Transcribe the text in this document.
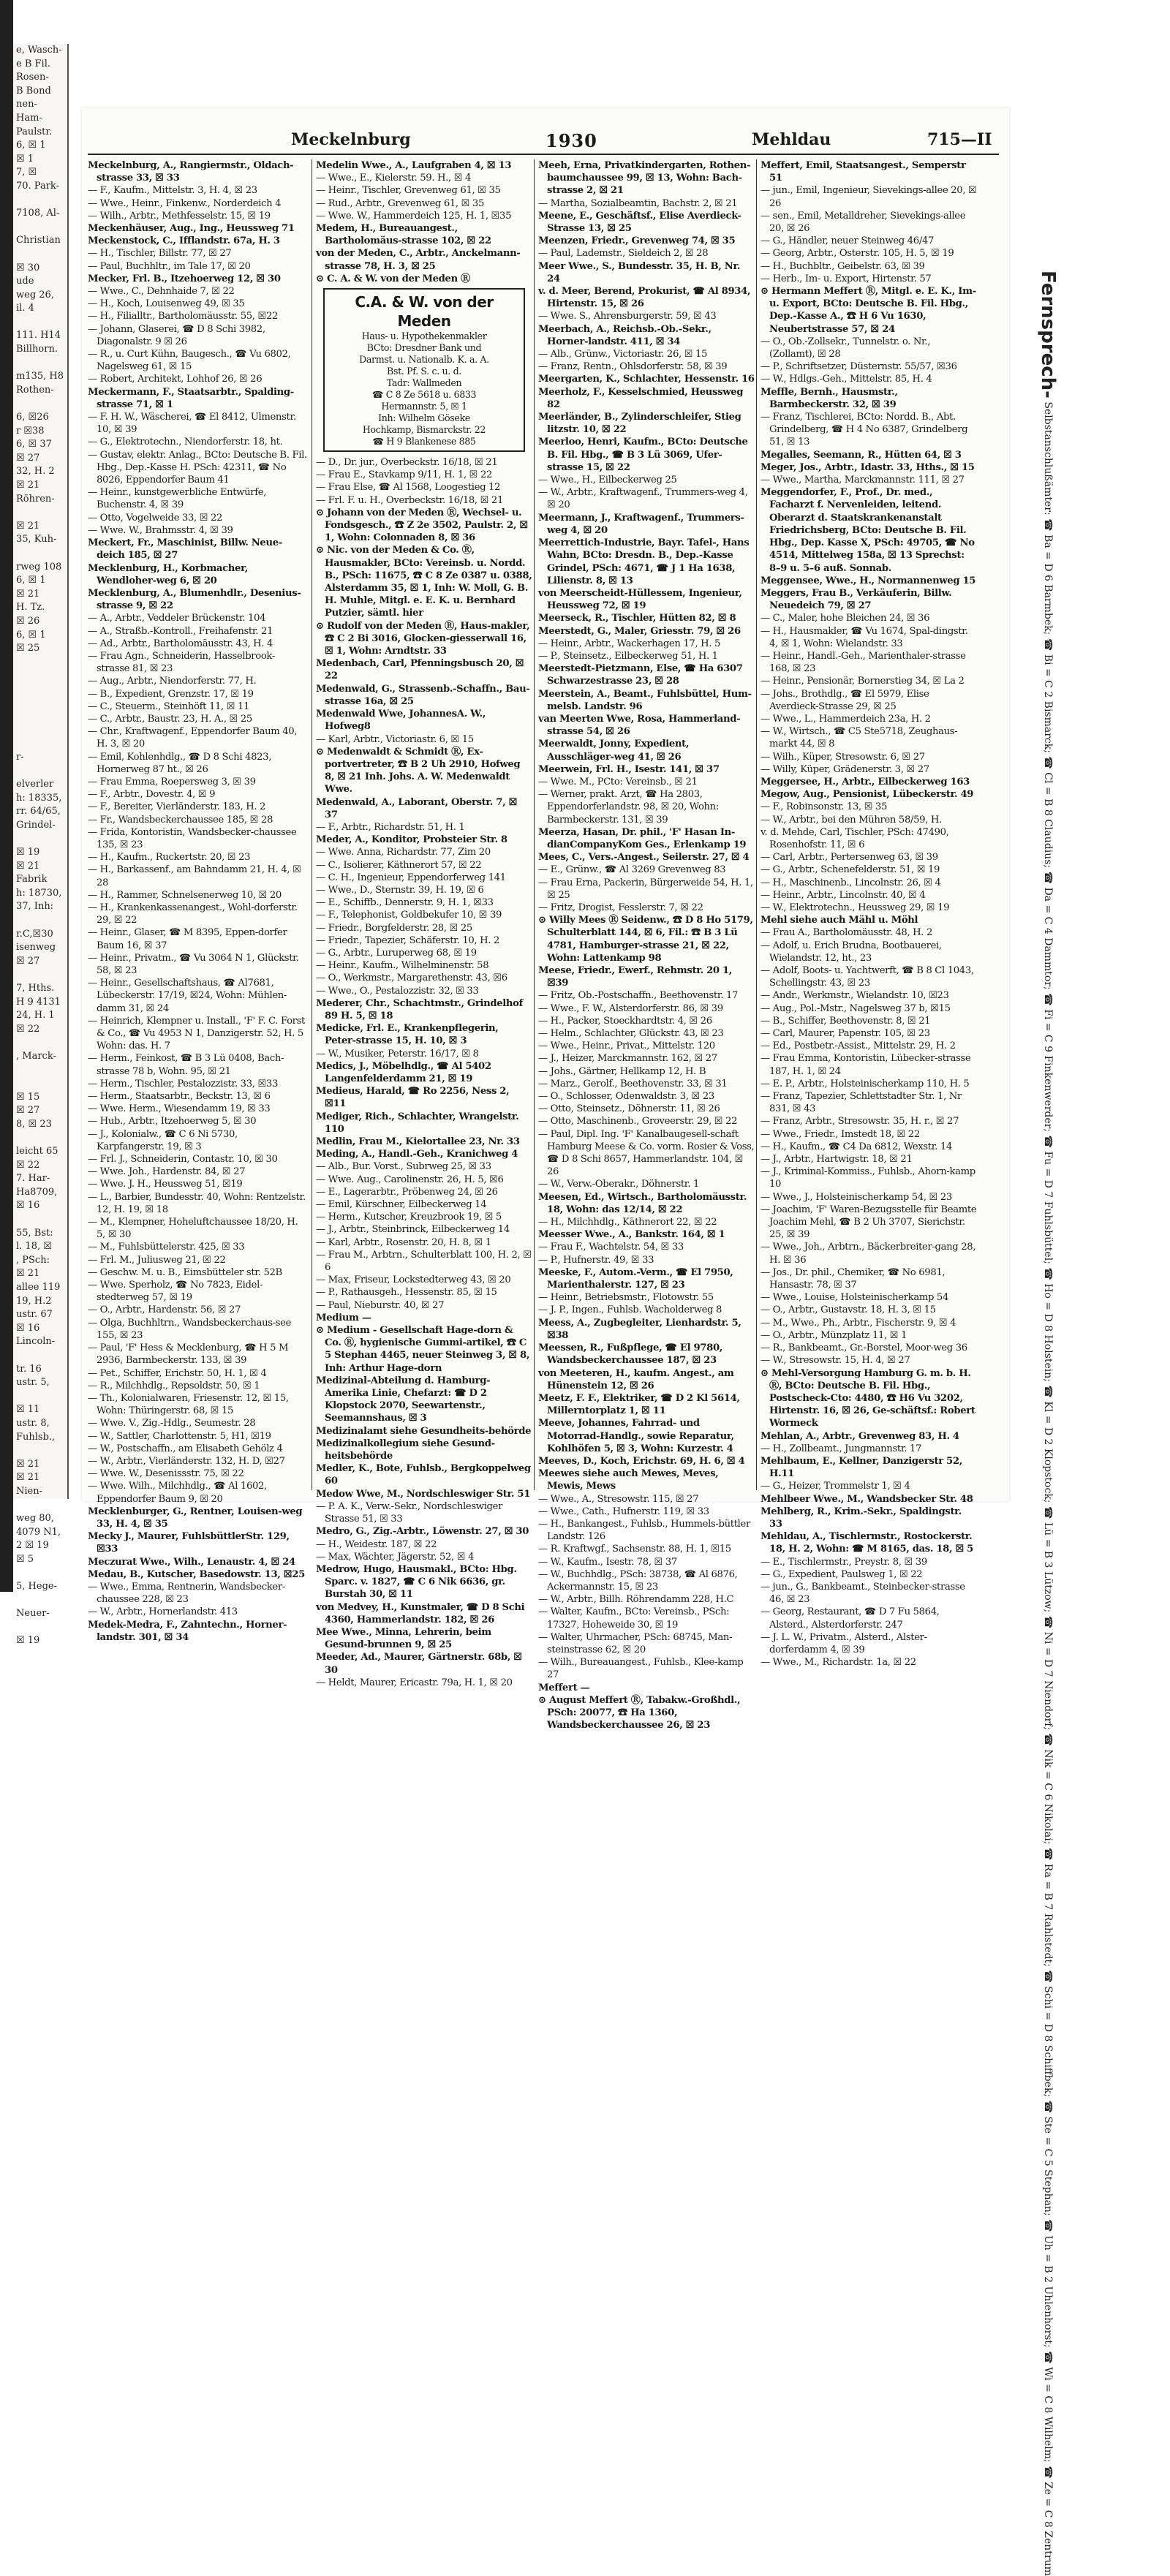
e, Wasch-
e B Fil.
Rosen-
B Bond
nen-
Ham-
Paulstr.
6, ☒ 1
☒ 1
7, ☒
70. Park-

7108, Al-

Christian

☒ 30
ude
weg 26,
il. 4

111. H14
Billhorn.

m135, H8
Rothen-

6, ☒26
r ☒38
6, ☒ 37
☒ 27
32, H. 2
☒ 21
Röhren-

☒ 21
35, Kuh-

rweg 108
6, ☒ 1
☒ 21
H. Tz.
☒ 26
6, ☒ 1
☒ 25

r-

elverler
h: 18335,
rr. 64/65,
Grindel-

☒ 19
☒ 21
Fabrik
h: 18730,
37, Inh:

r.C,☒30
isenweg
☒ 27

7, Hths.
H 9 4131
24, H. 1
☒ 22

, Marck-

☒ 15
☒ 27
8, ☒ 23

leicht 65
☒ 22
7. Har-
Ha8709,
☒ 16

55, Bst:
l. 18, ☒
, PSch:
☒ 21
allee 119
19, H.2
ustr. 67
☒ 16
Lincoln-

tr. 16
ustr. 5,

☒ 11
ustr. 8,
Fuhlsb.,

☒ 21
☒ 21
Nien-

weg 80,
4079 N1,
2 ☒ 19
☒ 5

5, Hege-

Neuer-

☒ 19
Meckelnburg	1930	Mehldau	715—II
Meckelnburg, A., Rangiermstr., Oldach-strasse 33, ☒ 33
— F., Kaufm., Mittelstr. 3, H. 4, ☒ 23
— Wwe., Heinr., Finkenw., Norderdeich 4
— Wilh., Arbtr., Methfesselstr. 15, ☒ 19
Meckenhäuser, Aug., Ing., Heussweg 71
Meckenstock, C., Ifflandstr. 67a, H. 3
— H., Tischler, Billstr. 77, ☒ 27
— Paul, Buchhltr., im Tale 17, ☒ 20
Mecker, Frl. B., Itzehoerweg 12, ☒ 30
— Wwe., C., Dehnhaide 7, ☒ 22
— H., Koch, Louisenweg 49, ☒ 35
— H., Filialltr., Bartholomäusstr. 55, ☒22
— Johann, Glaserei, ☎ D 8 Schi 3982, Diagonalstr. 9 ☒ 26
— R., u. Curt Kühn, Baugesch., ☎ Vu 6802, Nagelsweg 61, ☒ 15
— Robert, Architekt, Lohhof 26, ☒ 26
Meckermann, F., Staatsarbtr., Spalding-strasse 71, ☒ 1
— F. H. W., Wäscherei, ☎ El 8412, Ulmenstr. 10, ☒ 39
— G., Elektrotechn., Niendorferstr. 18, ht.
— Gustav, elektr. Anlag., BCto: Deutsche B. Fil. Hbg., Dep.-Kasse H. PSch: 42311, ☎ No 8026, Eppendorfer Baum 41
— Heinr., kunstgewerbliche Entwürfe, Buchenstr. 4, ☒ 39
— Otto, Vogelweide 33, ☒ 22
— Wwe. W., Brahmsstr. 4, ☒ 39
Meckert, Fr., Maschinist, Billw. Neue-deich 185, ☒ 27
Mecklenburg, H., Korbmacher, Wendloher-weg 6, ☒ 20
Mecklenburg, A., Blumenhdlr., Desenius-strasse 9, ☒ 22
— A., Arbtr., Veddeler Brückenstr. 104
— A., Straßb.-Kontroll., Freihafenstr. 21
— Ad., Arbtr., Bartholomäusstr. 43, H. 4
— Frau Agn., Schneiderin, Hasselbrook-strasse 81, ☒ 23
— Aug., Arbtr., Niendorferstr. 77, H.
— B., Expedient, Grenzstr. 17, ☒ 19
— C., Steuerm., Steinhöft 11, ☒ 11
— C., Arbtr., Baustr. 23, H. A., ☒ 25
— Chr., Kraftwagenf., Eppendorfer Baum 40, H. 3, ☒ 20
— Emil, Kohlenhdlg., ☎ D 8 Schi 4823, Hornerweg 87 ht., ☒ 26
— Frau Emma, Roepersweg 3, ☒ 39
— F., Arbtr., Dovestr. 4, ☒ 9
— F., Bereiter, Vierländerstr. 183, H. 2
— Fr., Wandsbeckerchaussee 185, ☒ 28
— Frida, Kontoristin, Wandsbecker-chaussee 135, ☒ 23
— H., Kaufm., Ruckertstr. 20, ☒ 23
— H., Barkassenf., am Bahndamm 21, H. 4, ☒ 28
— H., Rammer, Schnelsenerweg 10, ☒ 20
— H., Krankenkassenangest., Wohl-dorferstr. 29, ☒ 22
— Heinr., Glaser, ☎ M 8395, Eppen-dorfer Baum 16, ☒ 37
— Heinr., Privatm., ☎ Vu 3064 N 1, Glückstr. 58, ☒ 23
— Heinr., Gesellschaftshaus, ☎ Al7681, Lübeckerstr. 17/19, ☒24, Wohn: Mühlen-damm 31, ☒ 24
— Heinrich, Klempner u. Install., 'F' F. C. Forst & Co., ☎ Vu 4953 N 1, Danzigerstr. 52, H. 5 Wohn: das. H. 7
— Herm., Feinkost, ☎ B 3 Lü 0408, Bach-strasse 78 b, Wohn. 95, ☒ 21
— Herm., Tischler, Pestalozzistr. 33, ☒33
— Herm., Staatsarbtr., Beckstr. 13, ☒ 6
— Wwe. Herm., Wiesendamm 19, ☒ 33
— Hub., Arbtr., Itzehoerweg 5, ☒ 30
— J., Kolonialw., ☎ C 6 Ni 5730, Karpfangerstr. 19, ☒ 3
— Frl. J., Schneiderin, Contastr. 10, ☒ 30
— Wwe. Joh., Hardenstr. 84, ☒ 27
— Wwe. J. H., Heussweg 51, ☒19
— L., Barbier, Bundesstr. 40, Wohn: Rentzelstr. 12, H. 19, ☒ 18
— M., Klempner, Hoheluftchaussee 18/20, H. 5, ☒ 30
— M., Fuhlsbüttelerstr. 425, ☒ 33
— Frl. M., Juliusweg 21, ☒ 22
— Geschw. M. u. B., Eimsbütteler str. 52B
— Wwe. Sperholz, ☎ No 7823, Eidel-stedterweg 57, ☒ 19
— O., Arbtr., Hardenstr. 56, ☒ 27
— Olga, Buchhltrn., Wandsbeckerchaus-see 155, ☒ 23
— Paul, 'F' Hess & Mecklenburg, ☎ H 5 M 2936, Barmbeckerstr. 133, ☒ 39
— Pet., Schiffer, Erichstr. 50, H. 1, ☒ 4
— R., Milchhdlg., Repsoldstr. 50, ☒ 1
— Th., Kolonialwaren, Friesenstr. 12, ☒ 15, Wohn: Thüringerstr. 68, ☒ 15
— Wwe. V., Zig.-Hdlg., Seumestr. 28
— W., Sattler, Charlottenstr. 5, H1, ☒19
— W., Postschaffn., am Elisabeth Gehölz 4
— W., Arbtr., Vierländerstr. 132, H. D, ☒27
— Wwe. W., Desenissstr. 75, ☒ 22
— Wwe. Wilh., Milchhdlg., ☎ Al 1602, Eppendorfer Baum 9, ☒ 20
Mecklenburger, G., Rentner, Louisen-weg 33, H. 4, ☒ 35
Mecky J., Maurer, FuhlsbüttlerStr. 129, ☒33
Meczurat Wwe., Wilh., Lenaustr. 4, ☒ 24
Medau, B., Kutscher, Basedowstr. 13, ☒25
— Wwe., Emma, Rentnerin, Wandsbecker-chaussee 228, ☒ 23
— W., Arbtr., Hornerlandstr. 413
Medek-Medra, F., Zahntechn., Horner-landstr. 301, ☒ 34
Medelin Wwe., A., Laufgraben 4, ☒ 13
— Wwe., E., Kielerstr. 59. H., ☒ 4
— Heinr., Tischler, Grevenweg 61, ☒ 35
— Rud., Arbtr., Grevenweg 61, ☒ 35
— Wwe. W., Hammerdeich 125, H. 1, ☒35
Medem, H., Bureauangest., Bartholomäus-strasse 102, ☒ 22
von der Meden, C., Arbtr., Anckelmann-strasse 78, H. 3, ☒ 25
⊙ C. A. & W. von der Meden Ⓡ
C.A. & W. von der Meden
Haus- u. Hypothekenmakler
BCto: Dresdner Bank und
Darmst. u. Nationalb. K. a. A.
Bst. Pf. S. c. u. d.
Tadr: Wallmeden
☎ C 8 Ze 5618 u. 6833
Hermannstr. 5, ☒ 1
Inh: Wilhelm Göseke
Hochkamp, Bismarckstr. 22
☎ H 9 Blankenese 885
— D., Dr. jur., Overbeckstr. 16/18, ☒ 21
— Frau E., Stavkamp 9/11, H. 1, ☒ 22
— Frau Else, ☎ Al 1568, Loogestieg 12
— Frl. F. u. H., Overbeckstr. 16/18, ☒ 21
⊙ Johann von der Meden Ⓡ, Wechsel- u. Fondsgesch., ☎ Z 2e 3502, Paulstr. 2, ☒ 1, Wohn: Colonnaden 8, ☒ 36
⊙ Nic. von der Meden & Co. Ⓡ, Hausmakler, BCto: Vereinsb. u. Nordd. B., PSch: 11675, ☎ C 8 Ze 0387 u. 0388, Alsterdamm 35, ☒ 1, Inh: W. Moll, G. B. H. Muhle, Mitgl. e. E. K. u. Bernhard Putzier, sämtl. hier
⊙ Rudolf von der Meden Ⓡ, Haus-makler, ☎ C 2 Bi 3016, Glocken-giesserwall 16, ☒ 1, Wohn: Arndtstr. 33
Medenbach, Carl, Pfenningsbusch 20, ☒ 22
Medenwald, G., Strassenb.-Schaffn., Bau-strasse 16a, ☒ 25
Medenwald Wwe, JohannesA. W., Hofweg8
— Karl, Arbtr., Victoriastr. 6, ☒ 15
⊙ Medenwaldt & Schmidt Ⓡ, Ex-portvertreter, ☎ B 2 Uh 2910, Hofweg 8, ☒ 21 Inh. Johs. A. W. Medenwaldt Wwe.
Medenwald, A., Laborant, Oberstr. 7, ☒ 37
— F., Arbtr., Richardstr. 51, H. 1
Meder, A., Konditor, Probsteier Str. 8
— Wwe. Anna, Richardstr. 77, Zim 20
— C., Isolierer, Käthnerort 57, ☒ 22
— C. H., Ingenieur, Eppendorferweg 141
— Wwe., D., Sternstr. 39, H. 19, ☒ 6
— E., Schiffb., Dennerstr. 9, H. 1, ☒33
— F., Telephonist, Goldbekufer 10, ☒ 39
— Friedr., Borgfelderstr. 28, ☒ 25
— Friedr., Tapezier, Schäferstr. 10, H. 2
— G., Arbtr., Luruperweg 68, ☒ 19
— Heinr., Kaufm., Wilhelminenstr. 58
— O., Werkmstr., Margarethenstr. 43, ☒6
— Wwe., O., Pestalozzistr. 32, ☒ 33
Mederer, Chr., Schachtmstr., Grindelhof 89 H. 5, ☒ 18
Medicke, Frl. E., Krankenpflegerin, Peter-strasse 15, H. 10, ☒ 3
— W., Musiker, Peterstr. 16/17, ☒ 8
Medics, J., Möbelhdlg., ☎ Al 5402 Langenfelderdamm 21, ☒ 19
Medieus, Harald, ☎ Ro 2256, Ness 2, ☒11
Mediger, Rich., Schlachter, Wrangelstr. 110
Medlin, Frau M., Kielortallee 23, Nr. 33
Meding, A., Handl.-Geh., Kranichweg 4
— Alb., Bur. Vorst., Subrweg 25, ☒ 33
— Wwe. Aug., Carolinenstr. 26, H. 5, ☒6
— E., Lagerarbtr., Pröbenweg 24, ☒ 26
— Emil, Kürschner, Eilbeckerweg 14
— Herm., Kutscher, Kreuzbrook 19, ☒ 5
— J., Arbtr., Steinbrinck, Eilbeckerweg 14
— Karl, Arbtr., Rosenstr. 20, H. 8, ☒ 1
— Frau M., Arbtrn., Schulterblatt 100, H. 2, ☒ 6
— Max, Friseur, Lockstedterweg 43, ☒ 20
— P., Rathausgeh., Hessenstr. 85, ☒ 15
— Paul, Nieburstr. 40, ☒ 27
Medium —
⊙ Medium - Gesellschaft Hage-dorn & Co. Ⓡ, hygienische Gummi-artikel, ☎ C 5 Stephan 4465, neuer Steinweg 3, ☒ 8, Inh: Arthur Hage-dorn
Medizinal-Abteilung d. Hamburg-Amerika Linie, Chefarzt: ☎ D 2 Klopstock 2070, Seewartenstr., Seemannshaus, ☒ 3
Medizinalamt siehe Gesundheits-behörde
Medizinalkollegium siehe Gesund-heitsbehörde
Medler, K., Bote, Fuhlsb., Bergkoppelweg 60
Medow Wwe, M., Nordschleswiger Str. 51
— P. A. K., Verw.-Sekr., Nordschleswiger Strasse 51, ☒ 33
Medro, G., Zig.-Arbtr., Löwenstr. 27, ☒ 30
— H., Weidestr. 187, ☒ 22
— Max, Wächter, Jägerstr. 52, ☒ 4
Medrow, Hugo, Hausmakl., BCto: Hbg. Sparc. v. 1827, ☎ C 6 Nik 6636, gr. Burstah 30, ☒ 11
von Medvey, H., Kunstmaler, ☎ D 8 Schi 4360, Hammerlandstr. 182, ☒ 26
Mee Wwe., Minna, Lehrerin, beim Gesund-brunnen 9, ☒ 25
Meeder, Ad., Maurer, Gärtnerstr. 68b, ☒ 30
— Heldt, Maurer, Ericastr. 79a, H. 1, ☒ 20
Meeh, Erna, Privatkindergarten, Rothen-baumchaussee 99, ☒ 13, Wohn: Bach-strasse 2, ☒ 21
— Martha, Sozialbeamtin, Bachstr. 2, ☒ 21
Meene, E., Geschäftsf., Elise Averdieck-Strasse 13, ☒ 25
Meenzen, Friedr., Grevenweg 74, ☒ 35
— Paul, Lademstr., Sieldeich 2, ☒ 28
Meer Wwe., S., Bundesstr. 35, H. B, Nr. 24
v. d. Meer, Berend, Prokurist, ☎ Al 8934, Hirtenstr. 15, ☒ 26
— Wwe. S., Ahrensburgerstr. 59, ☒ 43
Meerbach, A., Reichsb.-Ob.-Sekr., Horner-landstr. 411, ☒ 34
— Alb., Grünw., Victoriastr. 26, ☒ 15
— Franz, Rentn., Ohlsdorferstr. 58, ☒ 39
Meergarten, K., Schlachter, Hessenstr. 16
Meerholz, F., Kesselschmied, Heussweg 82
Meerländer, B., Zylinderschleifer, Stieg litzstr. 10, ☒ 22
Meerloo, Henri, Kaufm., BCto: Deutsche B. Fil. Hbg., ☎ B 3 Lü 3069, Ufer-strasse 15, ☒ 22
— Wwe., H., Eilbeckerweg 25
— W., Arbtr., Kraftwagenf., Trummers-weg 4, ☒ 20
Meermann, J., Kraftwagenf., Trummers-weg 4, ☒ 20
Meerrettich-Industrie, Bayr. Tafel-, Hans Wahn, BCto: Dresdn. B., Dep.-Kasse Grindel, PSch: 4671, ☎ J 1 Ha 1638, Lilienstr. 8, ☒ 13
von Meerscheidt-Hüllessem, Ingenieur, Heussweg 72, ☒ 19
Meerseck, R., Tischler, Hütten 82, ☒ 8
Meerstedt, G., Maler, Griesstr. 79, ☒ 26
— Heinr., Arbtr., Wackerhagen 17, H. 5
— P., Steinsetz., Eilbeckerweg 51, H. 1
Meerstedt-Pietzmann, Else, ☎ Ha 6307 Schwarzestrasse 23, ☒ 28
Meerstein, A., Beamt., Fuhlsbüttel, Hum-melsb. Landstr. 96
van Meerten Wwe, Rosa, Hammerland-strasse 54, ☒ 26
Meerwaldt, Jonny, Expedient, Ausschläger-weg 41, ☒ 26
Meerwein, Frl. H., Isestr. 141, ☒ 37
— Wwe. M., PCto: Vereinsb., ☒ 21
— Werner, prakt. Arzt, ☎ Ha 2803, Eppendorferlandstr. 98, ☒ 20, Wohn: Barmbeckerstr. 131, ☒ 39
Meerza, Hasan, Dr. phil., 'F' Hasan In-dianCompanyKom Ges., Erlenkamp 19
Mees, C., Vers.-Angest., Seilerstr. 27, ☒ 4
— E., Grünw., ☎ Al 3269 Grevenweg 83
— Frau Erna, Packerin, Bürgerweide 54, H. 1, ☒ 25
— Fritz, Drogist, Fesslerstr. 7, ☒ 22
⊙ Willy Mees Ⓡ Seidenw., ☎ D 8 Ho 5179, Schulterblatt 144, ☒ 6, Fil.: ☎ B 3 Lü 4781, Hamburger-strasse 21, ☒ 22, Wohn: Lattenkamp 98
Meese, Friedr., Ewerf., Rehmstr. 20 1, ☒39
— Fritz, Ob.-Postschaffn., Beethovenstr. 17
— Wwe., F. W., Alsterdorferstr. 86, ☒ 39
— H., Packer, Stoeckhardtstr. 4, ☒ 26
— Helm., Schlachter, Glückstr. 43, ☒ 23
— Wwe., Heinr., Privat., Mittelstr. 120
— J., Heizer, Marckmannstr. 162, ☒ 27
— Johs., Gärtner, Hellkamp 12, H. B
— Marz., Gerolf., Beethovenstr. 33, ☒ 31
— O., Schlosser, Odenwaldstr. 3, ☒ 23
— Otto, Steinsetz., Döhnerstr. 11, ☒ 26
— Otto, Maschinenb., Groveerstr. 29, ☒ 22
— Paul, Dipl. Ing. 'F' Kanalbaugesell-schaft Hamburg Meese & Co. vorm. Rosier & Voss, ☎ D 8 Schi 8657, Hammerlandstr. 104, ☒ 26
— W., Verw.-Oberakr., Döhnerstr. 1
Meesen, Ed., Wirtsch., Bartholomäusstr. 18, Wohn: das 12/14, ☒ 22
— H., Milchhdlg., Käthnerort 22, ☒ 22
Meesser Wwe., A., Bankstr. 164, ☒ 1
— Frau F., Wachtelstr. 54, ☒ 33
— P., Hufnerstr. 49, ☒ 33
Meeske, F., Autom.-Verm., ☎ El 7950, Marienthalerstr. 127, ☒ 23
— Heinr., Betriebsmstr., Flotowstr. 55
— J. P., Ingen., Fuhlsb. Wacholderweg 8
Meess, A., Zugbegleiter, Lienhardstr. 5, ☒38
Meessen, R., Fußpflege, ☎ El 9780, Wandsbeckerchaussee 187, ☒ 23
von Meeteren, H., kaufm. Angest., am Hünenstein 12, ☒ 26
Meetz, F. F., Elektriker, ☎ D 2 Kl 5614, Millerntorplatz 1, ☒ 11
Meeve, Johannes, Fahrrad- und Motorrad-Handlg., sowie Reparatur, Kohlhöfen 5, ☒ 3, Wohn: Kurzestr. 4
Meeves, D., Koch, Erichstr. 69, H. 6, ☒ 4
Meewes siehe auch Mewes, Meves, Mewis, Mews
— Wwe., A., Stresowstr. 115, ☒ 27
— Wwe., Cath., Hufnerstr. 119, ☒ 33
— H., Bankangest., Fuhlsb., Hummels-büttler Landstr. 126
— R. Kraftwgf., Sachsenstr. 88, H. 1, ☒15
— W., Kaufm., Isestr. 78, ☒ 37
— W., Buchhdlg., PSch: 38738, ☎ Al 6876, Ackermannstr. 15, ☒ 23
— W., Arbtr., Billh. Röhrendamm 228, H.C
— Walter, Kaufm., BCto: Vereinsb., PSch: 17327, Hoheweide 30, ☒ 19
— Walter, Uhrmacher, PSch: 68745, Man-steinstrasse 62, ☒ 20
— Wilh., Bureauangest., Fuhlsb., Klee-kamp 27
Meffert —
⊙ August Meffert Ⓡ, Tabakw.-Großhdl., PSch: 20077, ☎ Ha 1360, Wandsbeckerchaussee 26, ☒ 23
Meffert, Emil, Staatsangest., Semperstr 51
— jun., Emil, Ingenieur, Sievekings-allee 20, ☒ 26
— sen., Emil, Metalldreher, Sievekings-allee 20, ☒ 26
— G., Händler, neuer Steinweg 46/47
— Georg, Arbtr., Osterstr. 105, H. 5, ☒ 19
— H., Buchbltr., Geibelstr. 63, ☒ 39
— Herb., Im- u. Export, Hirtenstr. 57
⊙ Hermann Meffert Ⓡ, Mitgl. e. E. K., Im- u. Export, BCto: Deutsche B. Fil. Hbg., Dep.-Kasse A., ☎ H 6 Vu 1630, Neubertstrasse 57, ☒ 24
— O., Ob.-Zollsekr., Tunnelstr. o. Nr., (Zollamt), ☒ 28
— P., Schriftsetzer, Düsternstr. 55/57, ☒36
— W., Hdlgs.-Geh., Mittelstr. 85, H. 4
Meffle, Bernh., Hausmstr., Barmbeckerstr. 32, ☒ 39
— Franz, Tischlerei, BCto: Nordd. B., Abt. Grindelberg, ☎ H 4 No 6387, Grindelberg 51, ☒ 13
Megalles, Seemann, R., Hütten 64, ☒ 3
Meger, Jos., Arbtr., Idastr. 33, Hths., ☒ 15
— Wwe., Martha, Marckmannstr. 111, ☒ 27
Meggendorfer, F., Prof., Dr. med., Facharzt f. Nervenleiden, leitend. Oberarzt d. Staatskrankenanstalt Friedrichsberg, BCto: Deutsche B. Fil. Hbg., Dep. Kasse X, PSch: 49705, ☎ No 4514, Mittelweg 158a, ☒ 13 Sprechst: 8–9 u. 5–6 auß. Sonnab.
Meggensee, Wwe., H., Normannenweg 15
Meggers, Frau B., Verkäuferin, Billw. Neuedeich 79, ☒ 27
— C., Maler, hohe Bleichen 24, ☒ 36
— H., Hausmakler, ☎ Vu 1674, Spal-dingstr. 4, ☒ 1, Wohn: Wielandstr. 33
— Heinr., Handl.-Geh., Marienthaler-strasse 168, ☒ 23
— Heinr., Pensionär, Bornerstieg 34, ☒ La 2
— Johs., Brothdlg., ☎ El 5979, Elise Averdieck-Strasse 29, ☒ 25
— Wwe., L., Hammerdeich 23a, H. 2
— W., Wirtsch., ☎ C5 Ste5718, Zeughaus-markt 44, ☒ 8
— Wilh., Küper, Stresowstr. 6, ☒ 27
— Willy, Küper, Grädenerstr. 3, ☒ 27
Meggersee, H., Arbtr., Eilbeckerweg 163
Megow, Aug., Pensionist, Lübeckerstr. 49
— F., Robinsonstr. 13, ☒ 35
— W., Arbtr., bei den Mühren 58/59, H.
v. d. Mehde, Carl, Tischler, PSch: 47490, Rosenhofstr. 11, ☒ 6
— Carl, Arbtr., Pertersenweg 63, ☒ 39
— G., Arbtr., Schenefelderstr. 51, ☒ 19
— H., Maschinenb., Lincolnstr. 26, ☒ 4
— Heinr., Arbtr., Lincolnstr. 40, ☒ 4
— W., Elektrotechn., Heussweg 29, ☒ 19
Mehl siehe auch Mähl u. Möhl
— Frau A., Bartholomäusstr. 48, H. 2
— Adolf, u. Erich Brudna, Bootbauerei, Wielandstr. 12, ht., 23
— Adolf, Boots- u. Yachtwerft, ☎ B 8 Cl 1043, Schellingstr. 43, ☒ 23
— Andr., Werkmstr., Wielandstr. 10, ☒23
— Aug., Pol.-Mstr., Nagelsweg 37 b, ☒15
— B., Schiffer, Beethovenstr. 8, ☒ 21
— Carl, Maurer, Papenstr. 105, ☒ 23
— Ed., Postbetr.-Assist., Mittelstr. 29, H. 2
— Frau Emma, Kontoristin, Lübecker-strasse 187, H. 1, ☒ 24
— E. P., Arbtr., Holsteinischerkamp 110, H. 5
— Franz, Tapezier, Schlettstadter Str. 1, Nr 831, ☒ 43
— Franz, Arbtr., Stresowstr. 35, H. r., ☒ 27
— Wwe., Friedr., Imstedt 18, ☒ 22
— H., Kaufm., ☎ C4 Da 6812, Wexstr. 14
— J., Arbtr., Hartwigstr. 18, ☒ 21
— J., Kriminal-Kommiss., Fuhlsb., Ahorn-kamp 10
— Wwe., J., Holsteinischerkamp 54, ☒ 23
— Joachim, 'F' Waren-Bezugsstelle für Beamte Joachim Mehl, ☎ B 2 Uh 3707, Sierichstr. 25, ☒ 39
— Wwe., Joh., Arbtrn., Bäckerbreiter-gang 28, H. ☒ 36
— Jos., Dr. phil., Chemiker, ☎ No 6981, Hansastr. 78, ☒ 37
— Wwe., Louise, Holsteinischerkamp 54
— O., Arbtr., Gustavstr. 18, H. 3, ☒ 15
— M., Wwe., Ph., Arbtr., Fischerstr. 9, ☒ 4
— O., Arbtr., Münzplatz 11, ☒ 1
— R., Bankbeamt., Gr.-Borstel, Moor-weg 36
— W., Stresowstr. 15, H. 4, ☒ 27
⊙ Mehl-Versorgung Hamburg G. m. b. H. Ⓡ, BCto: Deutsche B. Fil. Hbg., Postscheck-Cto: 4480, ☎ H6 Vu 3202, Hirtenstr. 16, ☒ 26, Ge-schäftsf.: Robert Wormeck
Mehlan, A., Arbtr., Grevenweg 83, H. 4
— H., Zollbeamt., Jungmannstr. 17
Mehlbaum, E., Kellner, Danzigerstr 52, H.11
— G., Heizer, Trommelstr 1, ☒ 4
Mehlbeer Wwe., M., Wandsbecker Str. 48
Mehlberg, R., Krim.-Sekr., Spaldingstr. 33
Mehldau, A., Tischlermstr., Rostockerstr. 18, H. 2, Wohn: ☎ M 8165, das. 18, ☒ 5
— E., Tischlermstr., Preystr. 8, ☒ 39
— G., Expedient, Paulsweg 1, ☒ 22
— jun., G., Bankbeamt., Steinbecker-strasse 46, ☒ 23
— Georg, Restaurant, ☎ D 7 Fu 5864, Alsterd., Alsterdorferstr. 247
— J. L. W., Privatm., Alsterd., Alster-dorferdamm 4, ☒ 39
— Wwe., M., Richardstr. 1a, ☒ 22
Fernsprech- Selbstanschlußämter: ☎ Ba = D 6 Barmbek; ☎ Bi = C 2 Bismarck; ☎ Cl = B 8 Claudius; ☎ Da = C 4 Dammtor; ☎ Fi = C 9 Finkenwerder; ☎ Fu = D 7 Fuhlsbüttel; ☎ Ho = D 8 Holstein; ☎ Kl = D 2 Klopstock; ☎ Lü = B 3 Lützow; ☎ Ni = D 7 Niendorf; ☎ Nik = C 6 Nikolai; ☎ Ra = B 7 Rahlstedt; ☎ Schi = D 8 Schiffbek; ☎ Ste = C 5 Stephan; ☎ Uh = B 2 Uhlenhorst; ☎ Wi = C 8 Wilhelm; ☎ Ze = C 8 Zentrum
